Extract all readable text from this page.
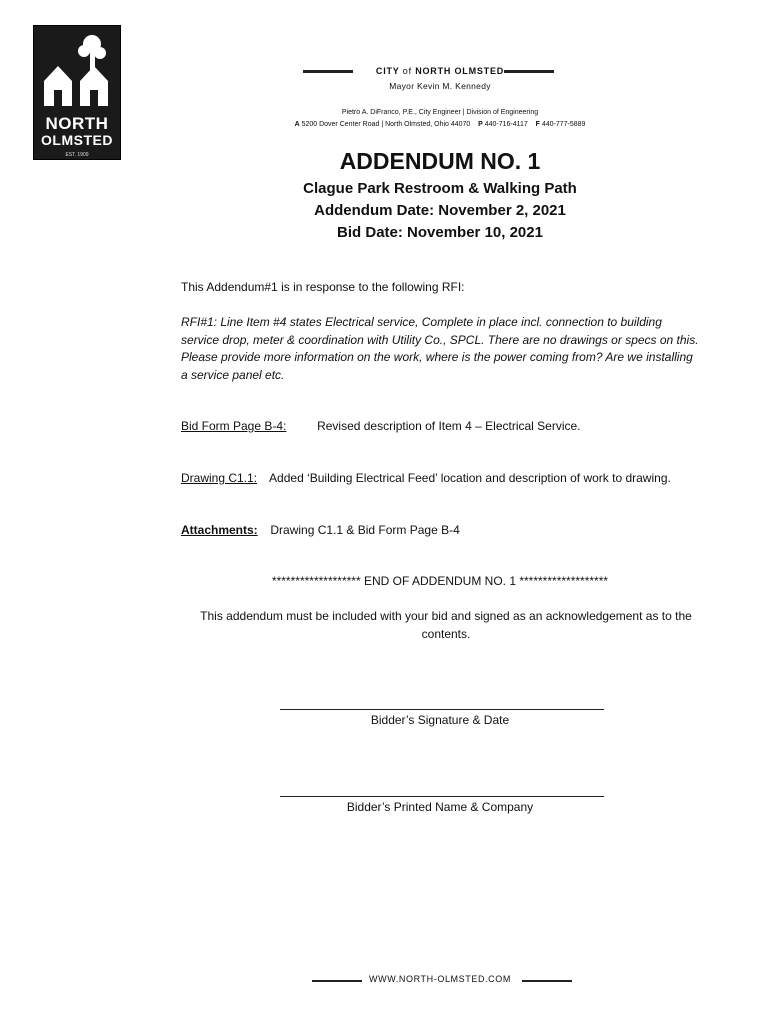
NORTH
OLMSTED
EST. 1909
CITY of NORTH OLMSTED
Mayor Kevin M. Kennedy
Pietro A. DiFranco, P.E., City Engineer | Division of Engineering
A 5200 Dover Center Road | North Olmsted, Ohio 44070 P 440-716-4117 F 440-777-5889
ADDENDUM NO. 1
Clague Park Restroom & Walking Path
Addendum Date: November 2, 2021
Bid Date: November 10, 2021
This Addendum#1 is in response to the following RFI:
RFI#1: Line Item #4 states Electrical service, Complete in place incl. connection to building service drop, meter & coordination with Utility Co., SPCL. There are no drawings or specs on this. Please provide more information on the work, where is the power coming from? Are we installing a service panel etc.
Bid Form Page B-4:	Revised description of Item 4 – Electrical Service.
Drawing C1.1: Added ‘Building Electrical Feed’ location and description of work to drawing.
Attachments: Drawing C1.1 & Bid Form Page B-4
******************* END OF ADDENDUM NO. 1 *******************
This addendum must be included with your bid and signed as an acknowledgement as to the contents.
Bidder’s Signature & Date
Bidder’s Printed Name & Company
WWW.NORTH-OLMSTED.COM
